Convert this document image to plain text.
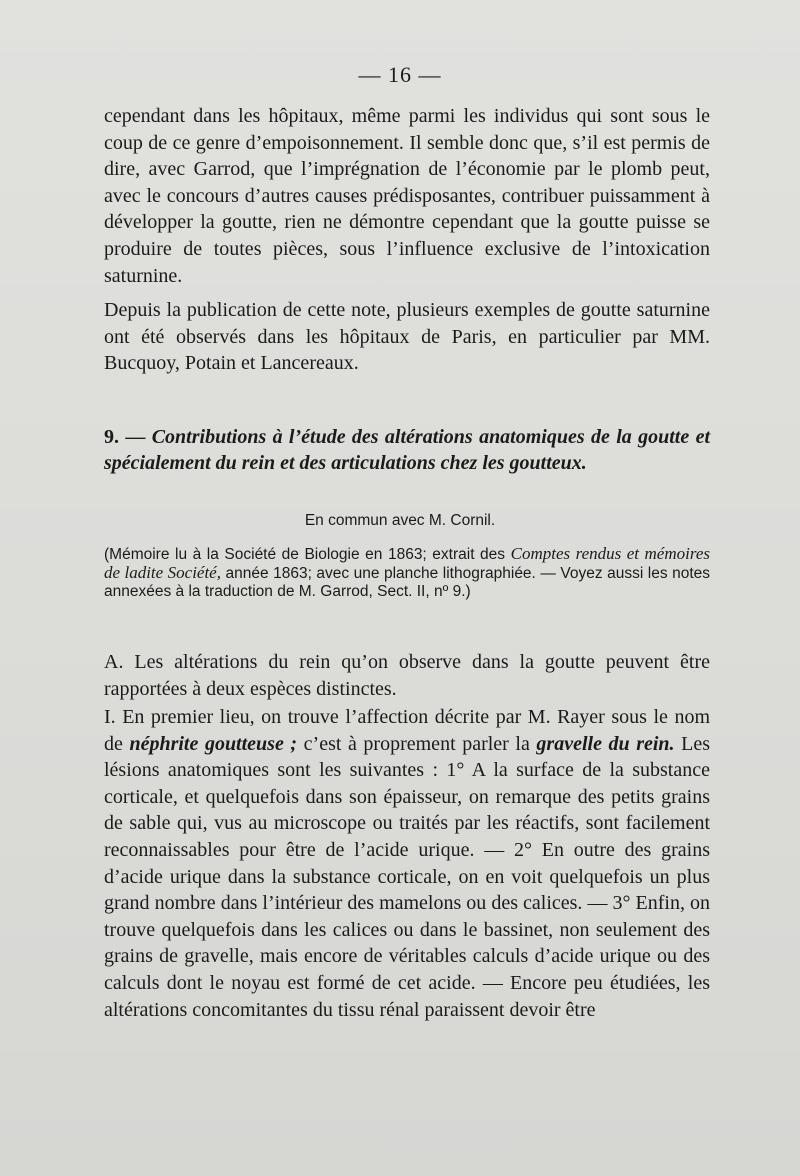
— 16 —

cependant dans les hôpitaux, même parmi les individus qui sont sous le coup de ce genre d’empoisonnement. Il semble donc que, s’il est permis de dire, avec Garrod, que l’imprégnation de l’économie par le plomb peut, avec le concours d’autres causes prédisposantes, contribuer puissamment à développer la goutte, rien ne démontre cependant que la goutte puisse se produire de toutes pièces, sous l’influence exclusive de l’intoxication saturnine.

Depuis la publication de cette note, plusieurs exemples de goutte saturnine ont été observés dans les hôpitaux de Paris, en particulier par MM. Bucquoy, Potain et Lancereaux.

9. — Contributions à l’étude des altérations anatomiques de la goutte et spécialement du rein et des articulations chez les goutteux.
En commun avec M. Cornil.
(Mémoire lu à la Société de Biologie en 1863; extrait des Comptes rendus et mémoires de ladite Société, année 1863; avec une planche lithographiée. — Voyez aussi les notes annexées à la traduction de M. Garrod, Sect. II, nº 9.)

A. Les altérations du rein qu’on observe dans la goutte peuvent être rapportées à deux espèces distinctes.

I. En premier lieu, on trouve l’affection décrite par M. Rayer sous le nom de néphrite goutteuse ; c’est à proprement parler la gravelle du rein. Les lésions anatomiques sont les suivantes : 1° A la surface de la substance corticale, et quelquefois dans son épaisseur, on remarque des petits grains de sable qui, vus au microscope ou traités par les réactifs, sont facilement reconnaissables pour être de l’acide urique. — 2° En outre des grains d’acide urique dans la substance corticale, on en voit quelquefois un plus grand nombre dans l’intérieur des mamelons ou des calices. — 3° Enfin, on trouve quelquefois dans les calices ou dans le bassinet, non seulement des grains de gravelle, mais encore de véritables calculs d’acide urique ou des calculs dont le noyau est formé de cet acide. — Encore peu étudiées, les altérations concomitantes du tissu rénal paraissent devoir être
